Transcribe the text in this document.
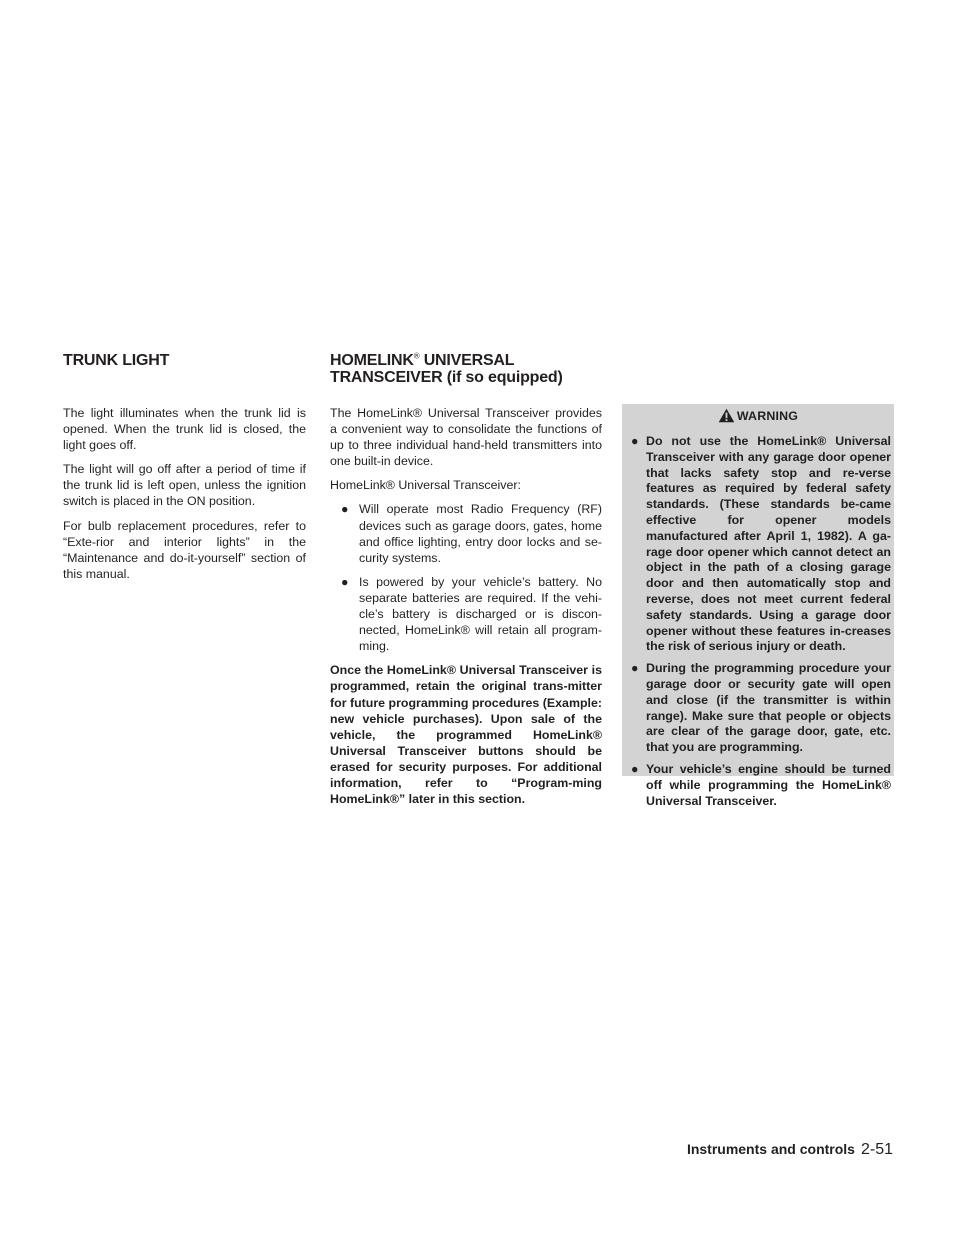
TRUNK LIGHT

The light illuminates when the trunk lid is opened. When the trunk lid is closed, the light goes off.

The light will go off after a period of time if the trunk lid is left open, unless the ignition switch is placed in the ON position.

For bulb replacement procedures, refer to “Exte-rior and interior lights” in the “Maintenance and do-it-yourself” section of this manual.

HOMELINK® UNIVERSAL
TRANSCEIVER (if so equipped)

The HomeLink® Universal Transceiver provides a convenient way to consolidate the functions of up to three individual hand-held transmitters into one built-in device.

HomeLink® Universal Transceiver:

● Will operate most Radio Frequency (RF) devices such as garage doors, gates, home and office lighting, entry door locks and se-curity systems.
● Is powered by your vehicle’s battery. No separate batteries are required. If the vehi-cle’s battery is discharged or is discon-nected, HomeLink® will retain all program-ming.

Once the HomeLink® Universal Transceiver is programmed, retain the original trans-mitter for future programming procedures (Example: new vehicle purchases). Upon sale of the vehicle, the programmed HomeLink® Universal Transceiver buttons should be erased for security purposes. For additional information, refer to “Program-ming HomeLink®” later in this section.

WARNING
● Do not use the HomeLink® Universal Transceiver with any garage door opener that lacks safety stop and re-verse features as required by federal safety standards. (These standards be-came effective for opener models manufactured after April 1, 1982). A ga-rage door opener which cannot detect an object in the path of a closing garage door and then automatically stop and reverse, does not meet current federal safety standards. Using a garage door opener without these features in-creases the risk of serious injury or death.
● During the programming procedure your garage door or security gate will open and close (if the transmitter is within range). Make sure that people or objects are clear of the garage door, gate, etc. that you are programming.
● Your vehicle’s engine should be turned off while programming the HomeLink® Universal Transceiver.
Instruments and controls 2-51
